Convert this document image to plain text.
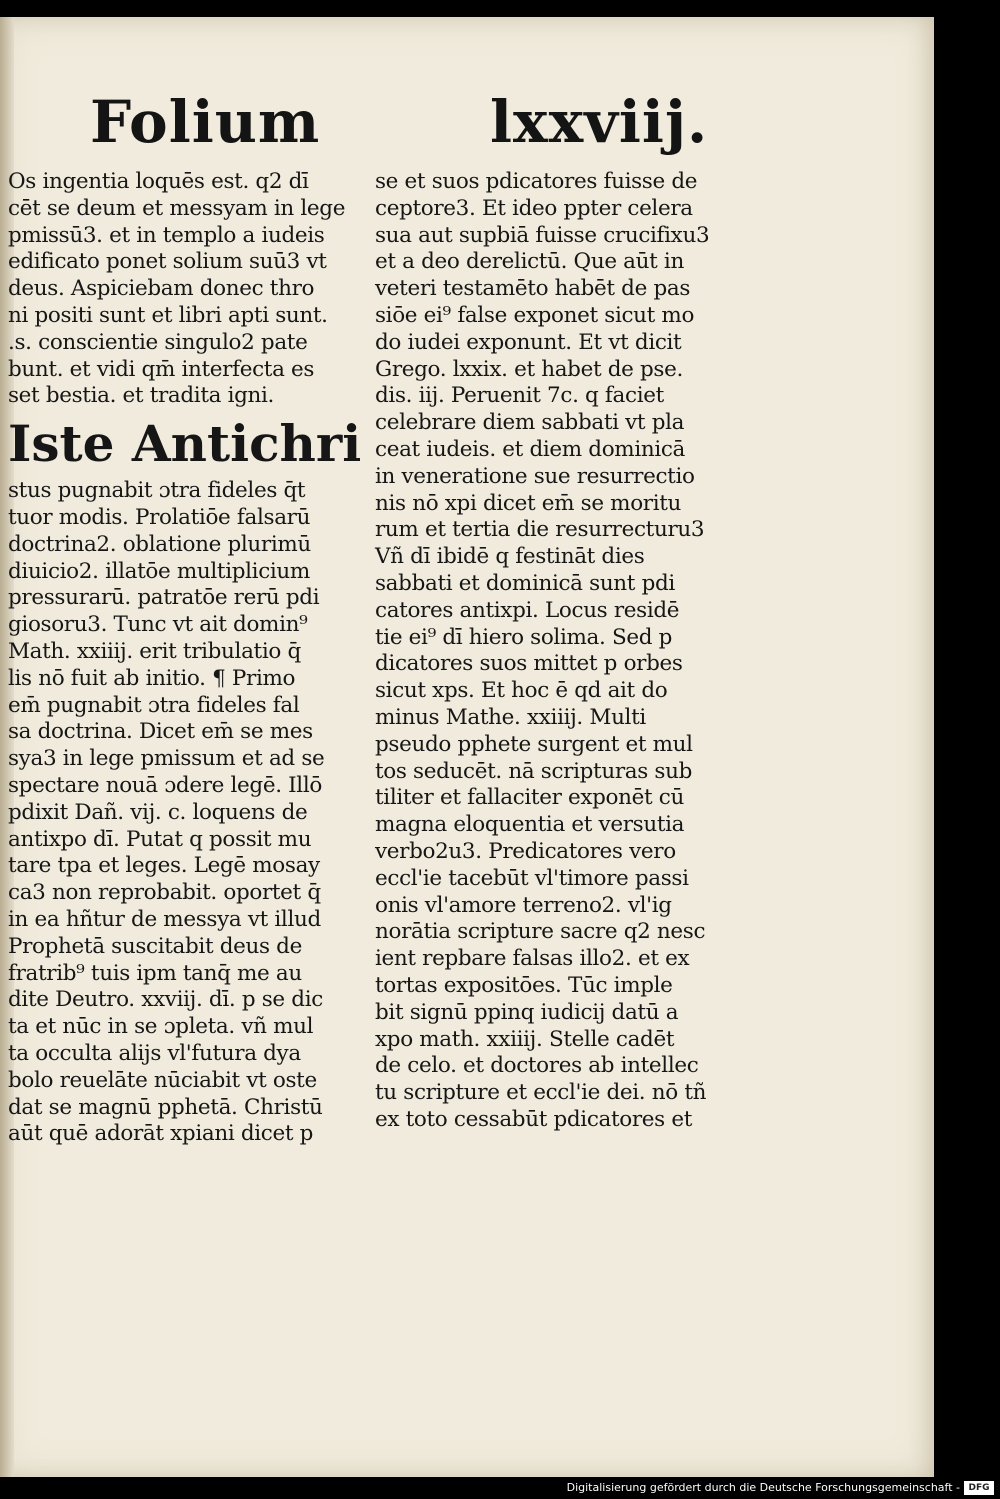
Folium	lxxviij.
Os ingentia loquēs est. q2 dī
cēt se deum et messyam in lege
pmissū3. et in templo a iudeis
edificato ponet solium suū3 vt
deus. Aspiciebam donec thro
ni positi sunt et libri apti sunt.
.s. conscientie singulo2 pate
bunt. et vidi qm̄ interfecta es
set bestia. et tradita igni.
Iste Antichri
stus pugnabit ɔtra fideles q̄t
tuor modis. Prolatiōe falsarū
doctrina2. oblatione plurimū
diuicio2. illatōe multiplicium
pressurarū. patratōe rerū pdi
giosoru3. Tunc vt ait domin⁹
Math. xxiiij. erit tribulatio q̄
lis nō fuit ab initio. ¶ Primo
em̄ pugnabit ɔtra fideles fal
sa doctrina. Dicet em̄ se mes
sya3 in lege pmissum et ad se
spectare nouā ɔdere legē. Illō
pdixit Dañ. vij. c. loquens de
antixpo dī. Putat q possit mu
tare tpa et leges. Legē mosay
ca3 non reprobabit. oportet q̄
in ea hñtur de messya vt illud
Prophetā suscitabit deus de
fratrib⁹ tuis ipm tanq̄ me au
dite Deutro. xxviij. dī. p se dic
ta et nūc in se ɔpleta. vñ mul
ta occulta alijs vl'futura dya
bolo reuelāte nūciabit vt oste
dat se magnū pphetā. Christū
aūt quē adorāt xpiani dicet p
se et suos pdicatores fuisse de
ceptore3. Et ideo ppter celera
sua aut supbiā fuisse crucifixu3
et a deo derelictū. Que aūt in
veteri testamēto habēt de pas
siōe ei⁹ false exponet sicut mo
do iudei exponunt. Et vt dicit
Grego. lxxix. et habet de pse.
dis. iij. Peruenit 7c. q faciet
celebrare diem sabbati vt pla
ceat iudeis. et diem dominicā
in veneratione sue resurrectio
nis nō xpi dicet em̄ se moritu
rum et tertia die resurrecturu3
Vñ dī ibidē q festināt dies
sabbati et dominicā sunt pdi
catores antixpi. Locus residē
tie ei⁹ dī hiero solima. Sed p
dicatores suos mittet p orbes
sicut xps. Et hoc ē qd ait do
minus Mathe. xxiiij. Multi
pseudo pphete surgent et mul
tos seducēt. nā scripturas sub
tiliter et fallaciter exponēt cū
magna eloquentia et versutia
verbo2u3. Predicatores vero
eccl'ie tacebūt vl'timore passi
onis vl'amore terreno2. vl'ig
norātia scripture sacre q2 nesc
ient repbare falsas illo2. et ex
tortas expositōes. Tūc imple
bit signū ppinq iudicij datū a
xpo math. xxiiij. Stelle cadēt
de celo. et doctores ab intellec
tu scripture et eccl'ie dei. nō tñ
ex toto cessabūt pdicatores et
Digitalisierung gefördert durch die Deutsche Forschungsgemeinschaft - DFG
